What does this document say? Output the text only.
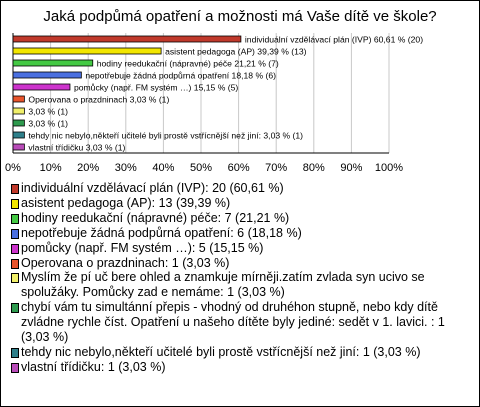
Jaká podpůmá opatření a možnosti má Vaše dítě ve škole?
0% 10% 20% 30% 40% 50% 60% 70% 80% 90% 100%
individuální vzdělávací plán (IVP) 60,61 % (20)
asistent pedagoga (AP) 39,39 % (13)
hodiny reedukační (nápravné) péče 21,21 % (7)
nepotřebuje žádná podpůrná opatření 18,18 % (6)
pomůcky (např. FM systém …) 15,15 % (5)
Operovana o prazdninach 3,03 % (1)
3,03 % (1)
3,03 % (1)
tehdy nic nebylo,někteří učitelé byli prostě vstřícnější než jiní: 3,03 % (1)
vlastní třídičku 3,03 % (1)
individuální vzdělávací plán (IVP): 20 (60,61 %)
asistent pedagoga (AP): 13 (39,39 %)
hodiny reedukační (nápravné) péče: 7 (21,21 %)
nepotřebuje žádná podpůrná opatření: 6 (18,18 %)
pomůcky (např. FM systém …): 5 (15,15 %)
Operovana o prazdninach: 1 (3,03 %)
Myslím že pí uč bere ohled a znamkuje mírněji.zatím zvlada syn ucivo se spolužáky. Pomůcky zad e nemáme: 1 (3,03 %)
chybí vám tu simultánní přepis - vhodný od druhéhon stupně, nebo kdy dítě zvládne rychle číst. Opatření u našeho dítěte byly jediné: sedět v 1. lavici. : 1 (3,03 %)
tehdy nic nebylo,někteří učitelé byli prostě vstřícnější než jiní: 1 (3,03 %)
vlastní třídičku: 1 (3,03 %)
